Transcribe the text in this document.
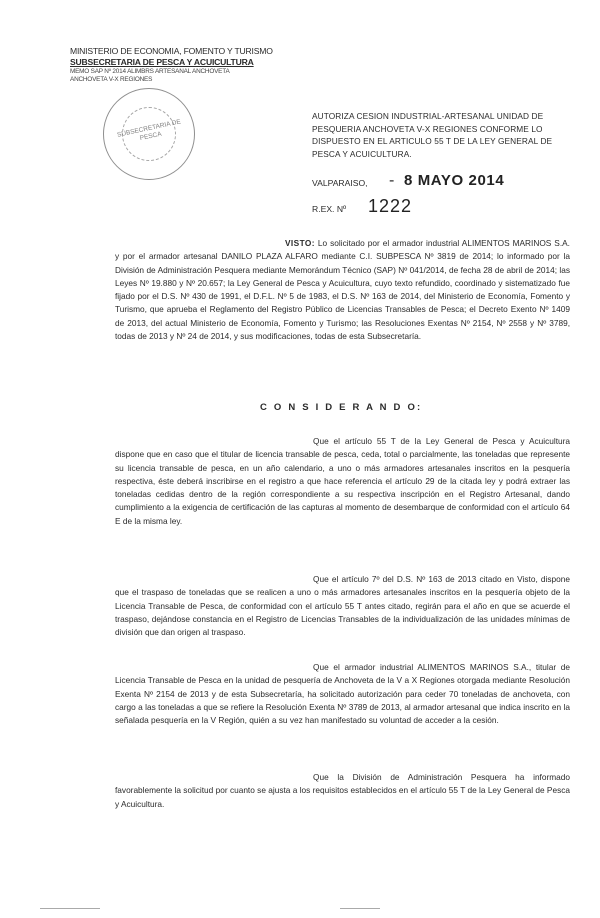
MINISTERIO DE ECONOMIA, FOMENTO Y TURISMO
SUBSECRETARIA DE PESCA Y ACUICULTURA
MEMO SAP Nº 2014 ALIMBRS ARTESANAL ANCHOVETA
ANCHOVETA V-X REGIONES
SUBSECRETARIA DE PESCA
AUTORIZA CESION INDUSTRIAL-ARTESANAL UNIDAD DE PESQUERIA ANCHOVETA V-X REGIONES CONFORME LO DISPUESTO EN EL ARTICULO 55 T DE LA LEY GENERAL DE PESCA Y ACUICULTURA.
VALPARAISO, - 8 MAYO 2014
R.EX. Nº 1222
VISTO: Lo solicitado por el armador industrial ALIMENTOS MARINOS S.A. y por el armador artesanal DANILO PLAZA ALFARO mediante C.I. SUBPESCA Nº 3819 de 2014; lo informado por la División de Administración Pesquera mediante Memorándum Técnico (SAP) Nº 041/2014, de fecha 28 de abril de 2014; las Leyes Nº 19.880 y Nº 20.657; la Ley General de Pesca y Acuicultura, cuyo texto refundido, coordinado y sistematizado fue fijado por el D.S. Nº 430 de 1991, el D.F.L. Nº 5 de 1983, el D.S. Nº 163 de 2014, del Ministerio de Economía, Fomento y Turismo, que aprueba el Reglamento del Registro Público de Licencias Transables de Pesca; el Decreto Exento Nº 1409 de 2013, del actual Ministerio de Economía, Fomento y Turismo; las Resoluciones Exentas Nº 2154, Nº 2558 y Nº 3789, todas de 2013 y Nº 24 de 2014, y sus modificaciones, todas de esta Subsecretaría.
C O N S I D E R A N D O:
Que el artículo 55 T de la Ley General de Pesca y Acuicultura dispone que en caso que el titular de licencia transable de pesca, ceda, total o parcialmente, las toneladas que represente su licencia transable de pesca, en un año calendario, a uno o más armadores artesanales inscritos en la pesquería respectiva, éste deberá inscribirse en el registro a que hace referencia el artículo 29 de la citada ley y podrá extraer las toneladas cedidas dentro de la región correspondiente a su respectiva inscripción en el Registro Artesanal, dando cumplimiento a la exigencia de certificación de las capturas al momento de desembarque de conformidad con el artículo 64 E de la misma ley.
Que el artículo 7º del D.S. Nº 163 de 2013 citado en Visto, dispone que el traspaso de toneladas que se realicen a uno o más armadores artesanales inscritos en la pesquería objeto de la Licencia Transable de Pesca, de conformidad con el artículo 55 T antes citado, regirán para el año en que se acuerde el traspaso, dejándose constancia en el Registro de Licencias Transables de la individualización de las unidades mínimas de división que dan origen al traspaso.
Que el armador industrial ALIMENTOS MARINOS S.A., titular de Licencia Transable de Pesca en la unidad de pesquería de Anchoveta de la V a X Regiones otorgada mediante Resolución Exenta Nº 2154 de 2013 y de esta Subsecretaría, ha solicitado autorización para ceder 70 toneladas de anchoveta, con cargo a las toneladas a que se refiere la Resolución Exenta Nº 3789 de 2013, al armador artesanal que indica inscrito en la señalada pesquería en la V Región, quién a su vez han manifestado su voluntad de acceder a la cesión.
Que la División de Administración Pesquera ha informado favorablemente la solicitud por cuanto se ajusta a los requisitos establecidos en el artículo 55 T de la Ley General de Pesca y Acuicultura.
